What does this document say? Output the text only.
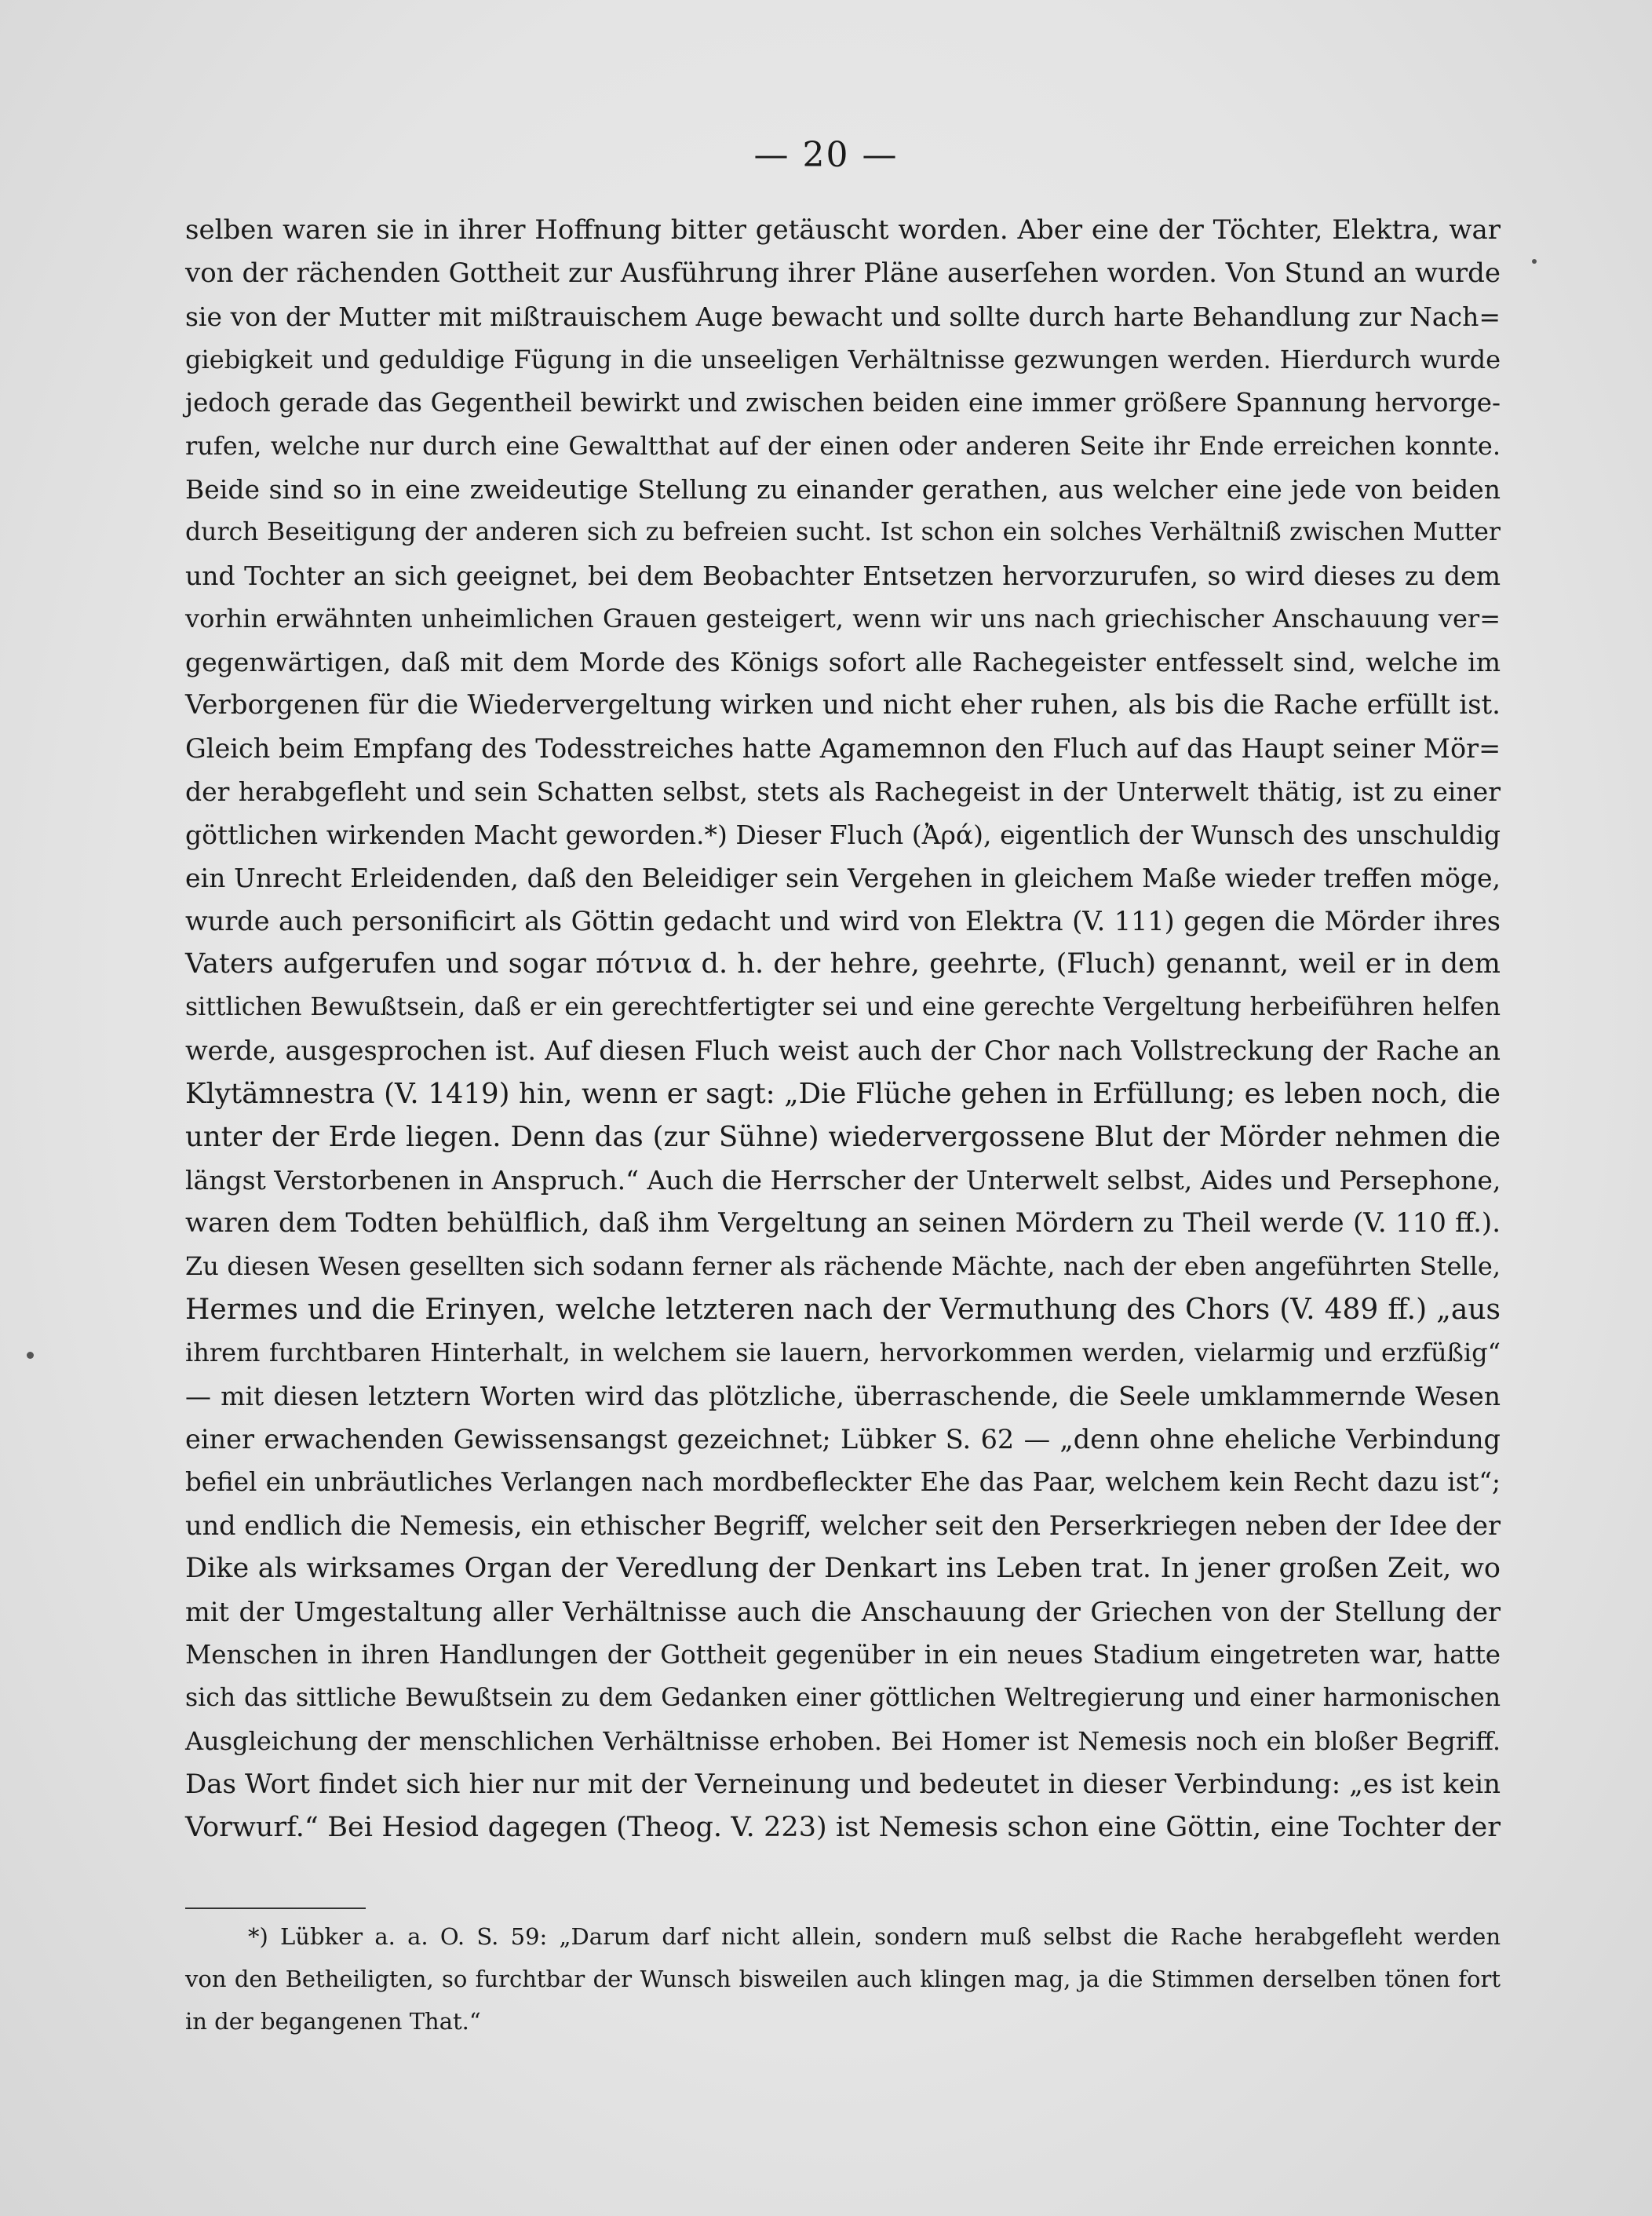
— 20 —
selben waren sie in ihrer Hoffnung bitter getäuscht worden. Aber eine der Töchter, Elektra, war
von der rächenden Gottheit zur Ausführung ihrer Pläne auserſehen worden. Von Stund an wurde
sie von der Mutter mit mißtrauischem Auge bewacht und sollte durch harte Behandlung zur Nach=
giebigkeit und geduldige Fügung in die unseeligen Verhältnisse gezwungen werden. Hierdurch wurde
jedoch gerade das Gegentheil bewirkt und zwischen beiden eine immer größere Spannung hervorge-
rufen, welche nur durch eine Gewaltthat auf der einen oder anderen Seite ihr Ende erreichen konnte.
Beide sind so in eine zweideutige Stellung zu einander gerathen, aus welcher eine jede von beiden
durch Beseitigung der anderen sich zu befreien sucht. Ist schon ein solches Verhältniß zwischen Mutter
und Tochter an sich geeignet, bei dem Beobachter Entsetzen hervorzurufen, so wird dieses zu dem
vorhin erwähnten unheimlichen Grauen gesteigert, wenn wir uns nach griechischer Anschauung ver=
gegenwärtigen, daß mit dem Morde des Königs sofort alle Rachegeister entfesselt sind, welche im
Verborgenen für die Wiedervergeltung wirken und nicht eher ruhen, als bis die Rache erfüllt ist.
Gleich beim Empfang des Todesstreiches hatte Agamemnon den Fluch auf das Haupt seiner Mör=
der herabgefleht und sein Schatten selbst, stets als Rachegeist in der Unterwelt thätig, ist zu einer
göttlichen wirkenden Macht geworden.*) Dieser Fluch (Ἀρά), eigentlich der Wunsch des unschuldig
ein Unrecht Erleidenden, daß den Beleidiger sein Vergehen in gleichem Maße wieder treffen möge,
wurde auch personificirt als Göttin gedacht und wird von Elektra (V. 111) gegen die Mörder ihres
Vaters aufgerufen und sogar πότνια d. h. der hehre, geehrte, (Fluch) genannt, weil er in dem
sittlichen Bewußtsein, daß er ein gerechtfertigter sei und eine gerechte Vergeltung herbeiführen helfen
werde, ausgesprochen ist. Auf diesen Fluch weist auch der Chor nach Vollstreckung der Rache an
Klytämnestra (V. 1419) hin, wenn er sagt: „Die Flüche gehen in Erfüllung; es leben noch, die
unter der Erde liegen. Denn das (zur Sühne) wiedervergossene Blut der Mörder nehmen die
längst Verstorbenen in Anspruch.“ Auch die Herrscher der Unterwelt selbst, Aides und Persephone,
waren dem Todten behülflich, daß ihm Vergeltung an seinen Mördern zu Theil werde (V. 110 ff.).
Zu diesen Wesen gesellten sich sodann ferner als rächende Mächte, nach der eben angeführten Stelle,
Hermes und die Erinyen, welche letzteren nach der Vermuthung des Chors (V. 489 ff.) „aus
ihrem furchtbaren Hinterhalt, in welchem sie lauern, hervorkommen werden, vielarmig und erzfüßig“
— mit diesen letztern Worten wird das plötzliche, überraschende, die Seele umklammernde Wesen
einer erwachenden Gewissensangst gezeichnet; Lübker S. 62 — „denn ohne eheliche Verbindung
befiel ein unbräutliches Verlangen nach mordbefleckter Ehe das Paar, welchem kein Recht dazu ist“;
und endlich die Nemesis, ein ethischer Begriff, welcher seit den Perserkriegen neben der Idee der
Dike als wirksames Organ der Veredlung der Denkart ins Leben trat. In jener großen Zeit, wo
mit der Umgestaltung aller Verhältnisse auch die Anschauung der Griechen von der Stellung der
Menschen in ihren Handlungen der Gottheit gegenüber in ein neues Stadium eingetreten war, hatte
sich das sittliche Bewußtsein zu dem Gedanken einer göttlichen Weltregierung und einer harmonischen
Ausgleichung der menschlichen Verhältnisse erhoben. Bei Homer ist Nemesis noch ein bloßer Begriff.
Das Wort findet sich hier nur mit der Verneinung und bedeutet in dieser Verbindung: „es ist kein
Vorwurf.“ Bei Hesiod dagegen (Theog. V. 223) ist Nemesis schon eine Göttin, eine Tochter der
*) Lübker a. a. O. S. 59: „Darum darf nicht allein, sondern muß selbst die Rache herabgefleht werden
von den Betheiligten, so furchtbar der Wunsch bisweilen auch klingen mag, ja die Stimmen derselben tönen fort
in der begangenen That.“
